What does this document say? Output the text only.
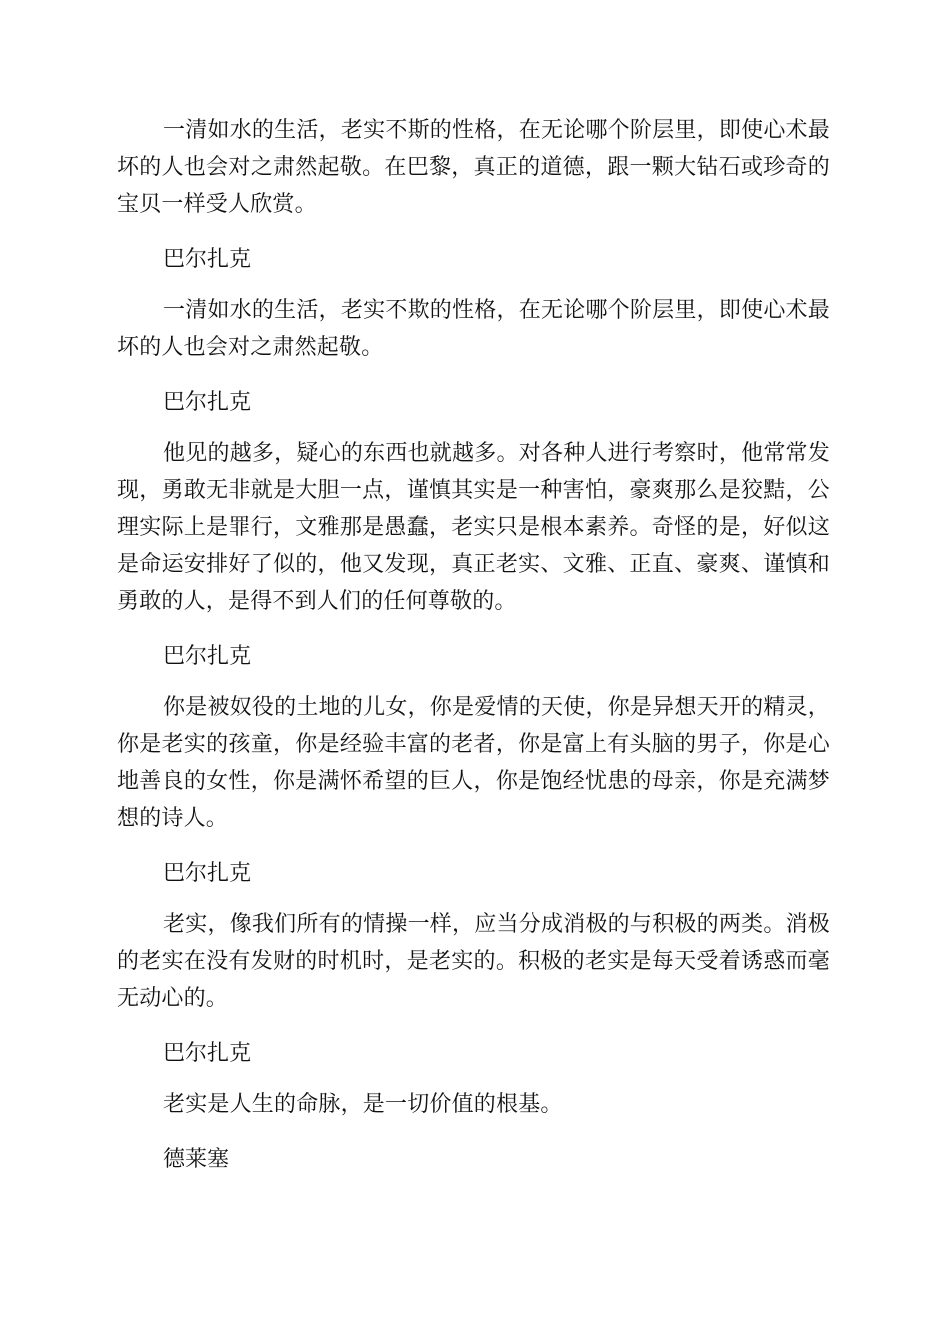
一清如水的生活，老实不斯的性格，在无论哪个阶层里，即使心术最坏的人也会对之肃然起敬。在巴黎，真正的道德，跟一颗大钻石或珍奇的宝贝一样受人欣赏。

巴尔扎克

一清如水的生活，老实不欺的性格，在无论哪个阶层里，即使心术最坏的人也会对之肃然起敬。

巴尔扎克

他见的越多，疑心的东西也就越多。对各种人进行考察时，他常常发现，勇敢无非就是大胆一点，谨慎其实是一种害怕，豪爽那么是狡黠，公理实际上是罪行，文雅那是愚蠢，老实只是根本素养。奇怪的是，好似这是命运安排好了似的，他又发现，真正老实、文雅、正直、豪爽、谨慎和勇敢的人，是得不到人们的任何尊敬的。

巴尔扎克

你是被奴役的土地的儿女，你是爱情的天使，你是异想天开的精灵，你是老实的孩童，你是经验丰富的老者，你是富上有头脑的男子，你是心地善良的女性，你是满怀希望的巨人，你是饱经忧患的母亲，你是充满梦想的诗人。

巴尔扎克

老实，像我们所有的情操一样，应当分成消极的与积极的两类。消极的老实在没有发财的时机时，是老实的。积极的老实是每天受着诱惑而毫无动心的。

巴尔扎克

老实是人生的命脉，是一切价值的根基。

德莱塞
